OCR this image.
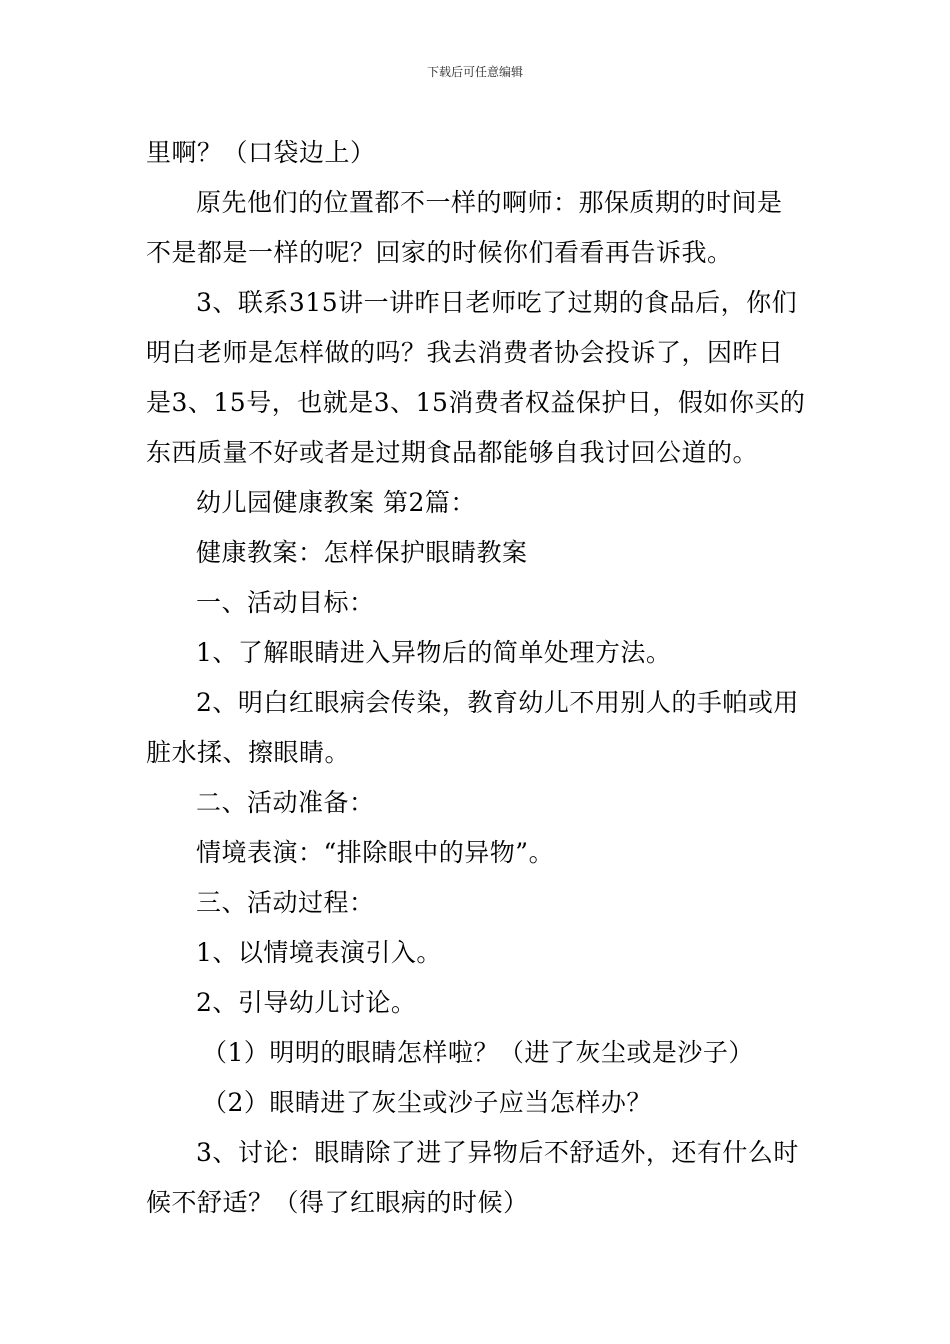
下载后可任意编辑
里啊？（口袋边上）
原先他们的位置都不一样的啊师：那保质期的时间是
不是都是一样的呢？回家的时候你们看看再告诉我。
3、联系315讲一讲昨日老师吃了过期的食品后，你们
明白老师是怎样做的吗？我去消费者协会投诉了，因昨日
是3、15号，也就是3、15消费者权益保护日，假如你买的
东西质量不好或者是过期食品都能够自我讨回公道的。
幼儿园健康教案 第2篇：
健康教案：怎样保护眼睛教案
一、活动目标：
1、了解眼睛进入异物后的简单处理方法。
2、明白红眼病会传染，教育幼儿不用别人的手帕或用
脏水揉、擦眼睛。
二、活动准备：
情境表演：“排除眼中的异物”。
三、活动过程：
1、以情境表演引入。
2、引导幼儿讨论。
（1）明明的眼睛怎样啦？（进了灰尘或是沙子）
（2）眼睛进了灰尘或沙子应当怎样办？
3、讨论：眼睛除了进了异物后不舒适外，还有什么时
候不舒适？（得了红眼病的时候）
